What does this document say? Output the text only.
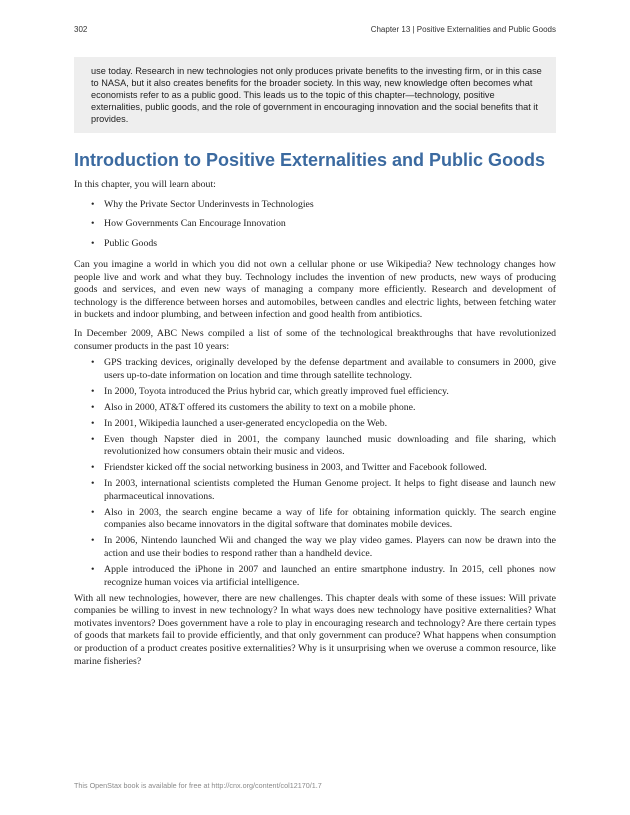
302	Chapter 13 | Positive Externalities and Public Goods
use today. Research in new technologies not only produces private benefits to the investing firm, or in this case to NASA, but it also creates benefits for the broader society. In this way, new knowledge often becomes what economists refer to as a public good. This leads us to the topic of this chapter—technology, positive externalities, public goods, and the role of government in encouraging innovation and the social benefits that it provides.
Introduction to Positive Externalities and Public Goods

In this chapter, you will learn about:

• Why the Private Sector Underinvests in Technologies
• How Governments Can Encourage Innovation
• Public Goods

Can you imagine a world in which you did not own a cellular phone or use Wikipedia? New technology changes how people live and work and what they buy. Technology includes the invention of new products, new ways of producing goods and services, and even new ways of managing a company more efficiently. Research and development of technology is the difference between horses and automobiles, between candles and electric lights, between fetching water in buckets and indoor plumbing, and between infection and good health from antibiotics.

In December 2009, ABC News compiled a list of some of the technological breakthroughs that have revolutionized consumer products in the past 10 years:

• GPS tracking devices, originally developed by the defense department and available to consumers in 2000, give users up-to-date information on location and time through satellite technology.
• In 2000, Toyota introduced the Prius hybrid car, which greatly improved fuel efficiency.
• Also in 2000, AT&T offered its customers the ability to text on a mobile phone.
• In 2001, Wikipedia launched a user-generated encyclopedia on the Web.
• Even though Napster died in 2001, the company launched music downloading and file sharing, which revolutionized how consumers obtain their music and videos.
• Friendster kicked off the social networking business in 2003, and Twitter and Facebook followed.
• In 2003, international scientists completed the Human Genome project. It helps to fight disease and launch new pharmaceutical innovations.
• Also in 2003, the search engine became a way of life for obtaining information quickly. The search engine companies also became innovators in the digital software that dominates mobile devices.
• In 2006, Nintendo launched Wii and changed the way we play video games. Players can now be drawn into the action and use their bodies to respond rather than a handheld device.
• Apple introduced the iPhone in 2007 and launched an entire smartphone industry. In 2015, cell phones now recognize human voices via artificial intelligence.

With all new technologies, however, there are new challenges. This chapter deals with some of these issues: Will private companies be willing to invest in new technology? In what ways does new technology have positive externalities? What motivates inventors? Does government have a role to play in encouraging research and technology? Are there certain types of goods that markets fail to provide efficiently, and that only government can produce? What happens when consumption or production of a product creates positive externalities? Why is it unsurprising when we overuse a common resource, like marine fisheries?

This OpenStax book is available for free at http://cnx.org/content/col12170/1.7
